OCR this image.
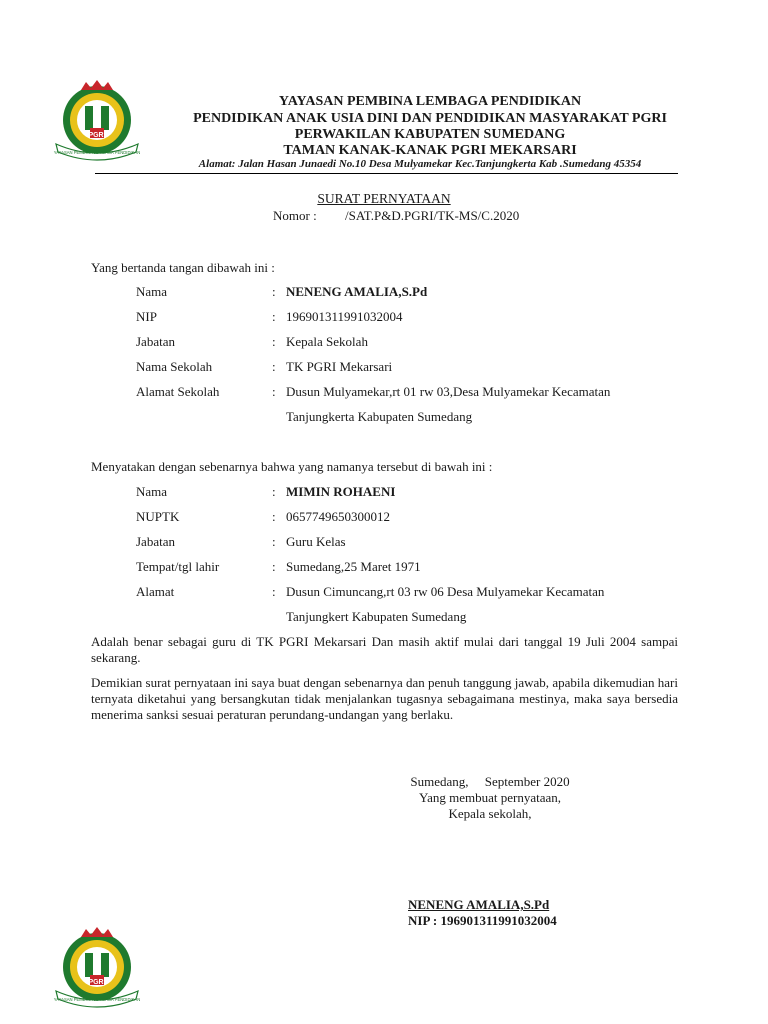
PGRI
YAYASAN PEMBINA LEMBAGA PENDIDIKAN
YAYASAN PEMBINA LEMBAGA PENDIDIKAN
PENDIDIKAN ANAK USIA DINI DAN PENDIDIKAN MASYARAKAT PGRI
PERWAKILAN KABUPATEN SUMEDANG
TAMAN KANAK-KANAK PGRI MEKARSARI
Alamat: Jalan Hasan Junaedi No.10 Desa Mulyamekar Kec.Tanjungkerta Kab .Sumedang 45354
SURAT PERNYATAAN
Nomor : /SAT.P&D.PGRI/TK-MS/C.2020
Yang bertanda tangan dibawah ini :
Nama	: NENENG AMALIA,S.Pd
NIP	: 196901311991032004
Jabatan	: Kepala Sekolah
Nama Sekolah	: TK PGRI Mekarsari
Alamat Sekolah	: Dusun Mulyamekar,rt 01 rw 03,Desa Mulyamekar Kecamatan
Tanjungkerta Kabupaten Sumedang
Menyatakan dengan sebenarnya bahwa yang namanya tersebut di bawah ini :
Nama	: MIMIN ROHAENI
NUPTK	: 0657749650300012
Jabatan	: Guru Kelas
Tempat/tgl lahir	: Sumedang,25 Maret 1971
Alamat	: Dusun Cimuncang,rt 03 rw 06 Desa Mulyamekar Kecamatan
Tanjungkert Kabupaten Sumedang
Adalah benar sebagai guru di TK PGRI Mekarsari Dan masih aktif mulai dari tanggal 19 Juli 2004 sampai sekarang.
Demikian surat pernyataan ini saya buat dengan sebenarnya dan penuh tanggung jawab, apabila dikemudian hari ternyata diketahui yang bersangkutan tidak menjalankan tugasnya sebagaimana mestinya, maka saya bersedia menerima sanksi sesuai peraturan perundang-undangan yang berlaku.
Sumedang,     September 2020
Yang membuat pernyataan,
Kepala sekolah,
NENENG AMALIA,S.Pd
NIP : 196901311991032004
PGRI
YAYASAN PEMBINA LEMBAGA PENDIDIKAN
